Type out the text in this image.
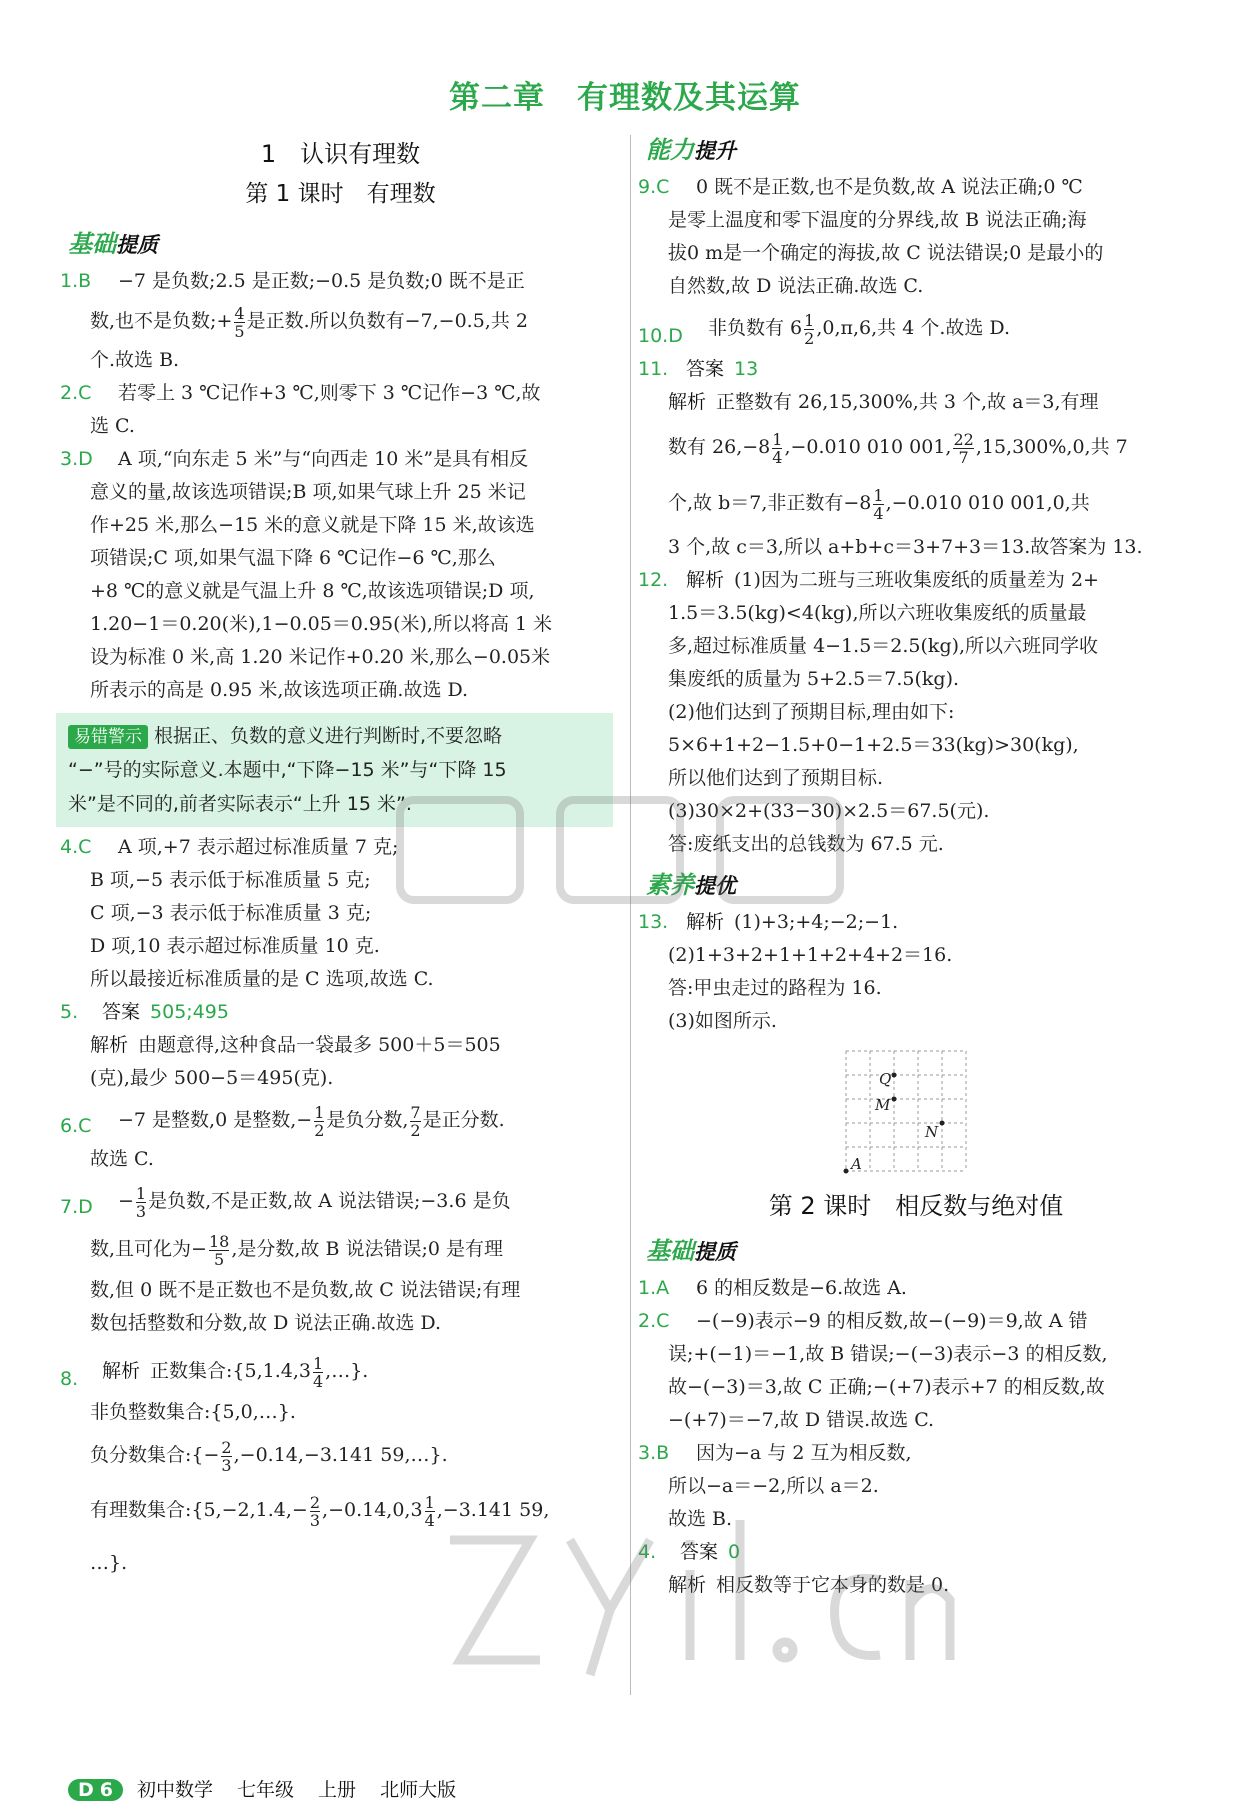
第二章　有理数及其运算
1　认识有理数
第 1 课时　有理数
基础提质
1.B −7 是负数;2.5 是正数;−0.5 是负数;0 既不是正
数,也不是负数;+ $\frac{4}{5}$ 是正数.所以负数有−7,−0.5,共 2
个.故选 B.
2.C 若零上 3 ℃记作+3 ℃,则零下 3 ℃记作−3 ℃,故
选 C.
3.D A 项,“向东走 5 米”与“向西走 10 米”是具有相反
意义的量,故该选项错误;B 项,如果气球上升 25 米记
作+25 米,那么−15 米的意义就是下降 15 米,故该选
项错误;C 项,如果气温下降 6 ℃记作−6 ℃,那么
+8 ℃的意义就是气温上升 8 ℃,故该选项错误;D 项,
1.20−1＝0.20(米),1−0.05＝0.95(米),所以将高 1 米
设为标准 0 米,高 1.20 米记作+0.20 米,那么−0.05米
所表示的高是 0.95 米,故该选项正确.故选 D.
易错警示 根据正、负数的意义进行判断时,不要忽略
“−”号的实际意义.本题中,“下降−15 米”与“下降 15
米”是不同的,前者实际表示“上升 15 米”.
4.C A 项,+7 表示超过标准质量 7 克;
B 项,−5 表示低于标准质量 5 克;
C 项,−3 表示低于标准质量 3 克;
D 项,10 表示超过标准质量 10 克.
所以最接近标准质量的是 C 选项,故选 C.
5. 答案 505;495
解析 由题意得,这种食品一袋最多 500＋5＝505
(克),最少 500−5＝495(克).
6.C −7 是整数,0 是整数,− $\frac{1}{2}$ 是负分数, $\frac{7}{2}$ 是正分数.
故选 C.
$7.D - \frac{1}{3}$ 是负数,不是正数,故 A 说法错误;−3.6 是负
数,且可化为− $\frac{18}{5}$ ,是分数,故 B 说法错误;0 是有理
数,但 0 既不是正数也不是负数,故 C 说法错误;有理
数包括整数和分数,故 D 说法正确.故选 D.
8. 解析 正数集合:{5,1.4,3 $\frac{1}{4}$ ,…}.
非负整数集合:{5,0,…}.
负分数集合:{− $\frac{2}{3}$ ,−0.14̇,−3.141 59,…}.
有理数集合:{5,−2,1.4,− $\frac{2}{3}$ ,−0.14̇,0,3 $\frac{1}{4} ,-3.141$ 59,
…}.
能力提升
9.C 0 既不是正数,也不是负数,故 A 说法正确;0 ℃
是零上温度和零下温度的分界线,故 B 说法正确;海
拔0 m是一个确定的海拔,故 C 说法错误;0 是最小的
自然数,故 D 说法正确.故选 C.
10.D 非负数有 $6 \frac{1}{2} ,0,\pi,6$,共 4 个.故选 D.
11. 答案 13
解析 正整数有 26,15,300%,共 3 个,故 a＝3,有理
数有 $26,-8 \frac{1}{4} ,-0.010$ 010 001, $\frac{22}{7} ,15,300\%,0$,共 7
个,故 b＝7,非正数有$-8 \frac{1}{4} ,-0.010$ 010 001,0,共
3 个,故 c＝3,所以 a+b+c＝3+7+3＝13.故答案为 13.
12. 解析 (1)因为二班与三班收集废纸的质量差为 2+
1.5＝3.5(kg)<4(kg),所以六班收集废纸的质量最
多,超过标准质量 4−1.5＝2.5(kg),所以六班同学收
集废纸的质量为 5+2.5＝7.5(kg).
(2)他们达到了预期目标,理由如下:
5×6+1+2−1.5+0−1+2.5＝33(kg)>30(kg),
所以他们达到了预期目标.
(3)30×2+(33−30)×2.5＝67.5(元).
答:废纸支出的总钱数为 67.5 元.
素养提优
13. 解析 (1)+3;+4;−2;−1.
(2)1+3+2+1+1+2+4+2＝16.
答:甲虫走过的路程为 16.
(3)如图所示.
Q
M
N
A
第 2 课时　相反数与绝对值
基础提质
1.A 6 的相反数是−6.故选 A.
2.C −(−9)表示−9 的相反数,故−(−9)＝9,故 A 错
误;+(−1)＝−1,故 B 错误;−(−3)表示−3 的相反数,
故−(−3)＝3,故 C 正确;−(+7)表示+7 的相反数,故
−(+7)＝−7,故 D 错误.故选 C.
3.B 因为−a 与 2 互为相反数,
所以−a＝−2,所以 a＝2.
故选 B.
4. 答案 0
解析 相反数等于它本身的数是 0.
D 6 初中数学 七年级 上册 北师大版
